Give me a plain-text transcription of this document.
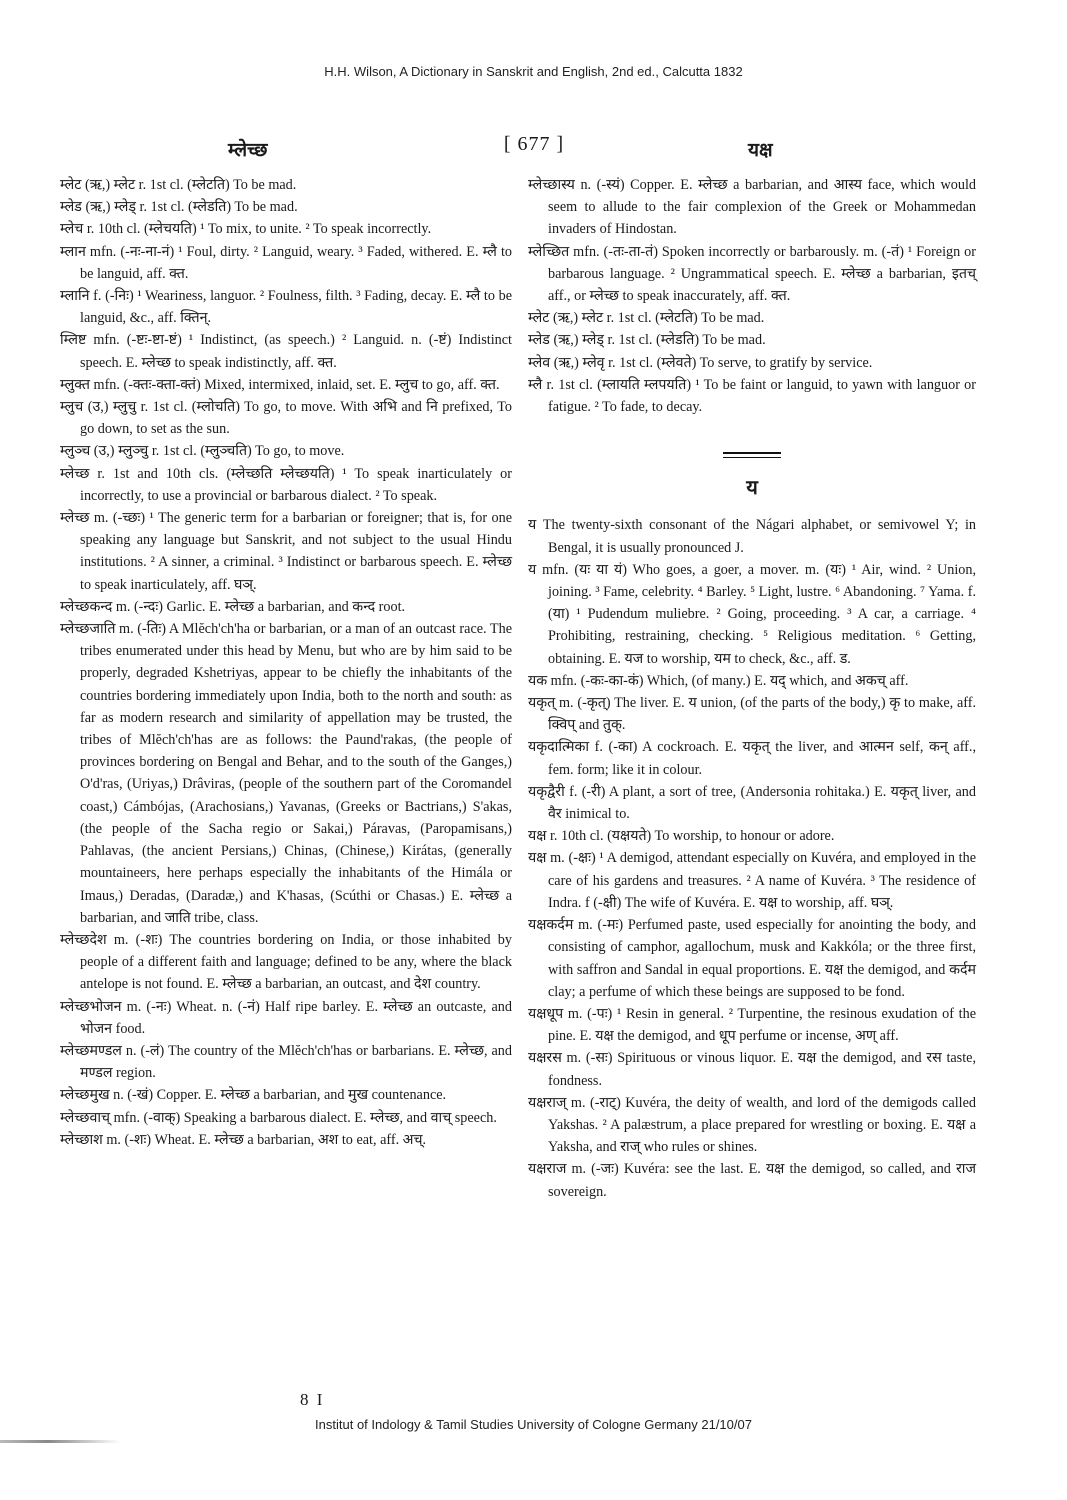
H.H. Wilson, A Dictionary in Sanskrit and English, 2nd ed., Calcutta 1832
म्लेच्छ	[ 677 ]	यक्ष

म्लेट (ऋ,) म्लेट r. 1st cl. (म्लेटति) To be mad.

म्लेड (ऋ,) म्लेड् r. 1st cl. (म्लेडति) To be mad.

म्लेच r. 10th cl. (म्लेचयति) ¹ To mix, to unite. ² To speak incorrectly.

म्लान mfn. (-नः-ना-नं) ¹ Foul, dirty. ² Languid, weary. ³ Faded, withered. E. म्लै to be languid, aff. क्त.

म्लानि f. (-निः) ¹ Weariness, languor. ² Foulness, filth. ³ Fading, decay. E. म्लै to be languid, &c., aff. क्तिन्.

म्लिष्ट mfn. (-ष्टः-ष्टा-ष्टं) ¹ Indistinct, (as speech.) ² Languid. n. (-ष्टं) Indistinct speech. E. म्लेच्छ to speak indistinctly, aff. क्त.

म्लुक्त mfn. (-क्तः-क्ता-क्तं) Mixed, intermixed, inlaid, set. E. म्लुच to go, aff. क्त.

म्लुच (उ,) म्लुचु r. 1st cl. (म्लोचति) To go, to move. With अभि and नि prefixed, To go down, to set as the sun.

म्लुञ्च (उ,) म्लुञ्चु r. 1st cl. (म्लुञ्चति) To go, to move.

म्लेच्छ r. 1st and 10th cls. (म्लेच्छति म्लेच्छयति) ¹ To speak inarticulately or incorrectly, to use a provincial or barbarous dialect. ² To speak.

म्लेच्छ m. (-च्छः) ¹ The generic term for a barbarian or foreigner; that is, for one speaking any language but Sanskrit, and not subject to the usual Hindu institutions. ² A sinner, a criminal. ³ Indistinct or barbarous speech. E. म्लेच्छ to speak inarticulately, aff. घञ्.

म्लेच्छकन्द m. (-न्दः) Garlic. E. म्लेच्छ a barbarian, and कन्द root.

म्लेच्छजाति m. (-तिः) A Mlĕch'ch'ha or barbarian, or a man of an outcast race. The tribes enumerated under this head by Menu, but who are by him said to be properly, degraded Kshetriyas, appear to be chiefly the inhabitants of the countries bordering immediately upon India, both to the north and south: as far as modern research and similarity of appellation may be trusted, the tribes of Mlĕch'ch'has are as follows: the Paund'rakas, (the people of provinces bordering on Bengal and Behar, and to the south of the Ganges,) O'd'ras, (Uriyas,) Drâviras, (people of the southern part of the Coromandel coast,) Cámbójas, (Arachosians,) Yavanas, (Greeks or Bactrians,) S'akas, (the people of the Sacha regio or Sakai,) Páravas, (Paropamisans,) Pahlavas, (the ancient Persians,) Chinas, (Chinese,) Kirátas, (generally mountaineers, here perhaps especially the inhabitants of the Himála or Imaus,) Deradas, (Daradæ,) and K'hasas, (Scúthi or Chasas.) E. म्लेच्छ a barbarian, and जाति tribe, class.

म्लेच्छदेश m. (-शः) The countries bordering on India, or those inhabited by people of a different faith and language; defined to be any, where the black antelope is not found. E. म्लेच्छ a barbarian, an outcast, and देश country.

म्लेच्छभोजन m. (-नः) Wheat. n. (-नं) Half ripe barley. E. म्लेच्छ an outcaste, and भोजन food.

म्लेच्छमण्डल n. (-लं) The country of the Mlĕch'ch'has or barbarians. E. म्लेच्छ, and मण्डल region.

म्लेच्छमुख n. (-खं) Copper. E. म्लेच्छ a barbarian, and मुख countenance.

म्लेच्छवाच् mfn. (-वाक्) Speaking a barbarous dialect. E. म्लेच्छ, and वाच् speech.

म्लेच्छाश m. (-शः) Wheat. E. म्लेच्छ a barbarian, अश to eat, aff. अच्.

म्लेच्छास्य n. (-स्यं) Copper. E. म्लेच्छ a barbarian, and आस्य face, which would seem to allude to the fair complexion of the Greek or Mohammedan invaders of Hindostan.

म्लेच्छित mfn. (-तः-ता-तं) Spoken incorrectly or barbarously. m. (-तं) ¹ Foreign or barbarous language. ² Ungrammatical speech. E. म्लेच्छ a barbarian, इतच् aff., or म्लेच्छ to speak inaccurately, aff. क्त.

म्लेट (ऋ,) म्लेट r. 1st cl. (म्लेटति) To be mad.

म्लेड (ऋ,) म्लेड् r. 1st cl. (म्लेडति) To be mad.

म्लेव (ऋ,) म्लेवृ r. 1st cl. (म्लेवते) To serve, to gratify by service.

म्लै r. 1st cl. (म्लायति म्लपयति) ¹ To be faint or languid, to yawn with languor or fatigue. ² To fade, to decay.

य

य The twenty-sixth consonant of the Nágari alphabet, or semivowel Y; in Bengal, it is usually pronounced J.

य mfn. (यः या यं) Who goes, a goer, a mover. m. (यः) ¹ Air, wind. ² Union, joining. ³ Fame, celebrity. ⁴ Barley. ⁵ Light, lustre. ⁶ Abandoning. ⁷ Yama. f. (या) ¹ Pudendum muliebre. ² Going, proceeding. ³ A car, a carriage. ⁴ Prohibiting, restraining, checking. ⁵ Religious meditation. ⁶ Getting, obtaining. E. यज to worship, यम to check, &c., aff. ड.

यक mfn. (-कः-का-कं) Which, (of many.) E. यद् which, and अकच् aff.

यकृत् m. (-कृत्) The liver. E. य union, (of the parts of the body,) कृ to make, aff. क्विप् and तुक्.

यकृदात्मिका f. (-का) A cockroach. E. यकृत् the liver, and आत्मन self, कन् aff., fem. form; like it in colour.

यकृद्वैरी f. (-री) A plant, a sort of tree, (Andersonia rohitaka.) E. यकृत् liver, and वैर inimical to.

यक्ष r. 10th cl. (यक्षयते) To worship, to honour or adore.

यक्ष m. (-क्षः) ¹ A demigod, attendant especially on Kuvéra, and employed in the care of his gardens and treasures. ² A name of Kuvéra. ³ The residence of Indra. f (-क्षी) The wife of Kuvéra. E. यक्ष to worship, aff. घञ्.

यक्षकर्दम m. (-मः) Perfumed paste, used especially for anointing the body, and consisting of camphor, agallochum, musk and Kakkóla; or the three first, with saffron and Sandal in equal proportions. E. यक्ष the demigod, and कर्दम clay; a perfume of which these beings are supposed to be fond.

यक्षधूप m. (-पः) ¹ Resin in general. ² Turpentine, the resinous exudation of the pine. E. यक्ष the demigod, and धूप perfume or incense, अण् aff.

यक्षरस m. (-सः) Spirituous or vinous liquor. E. यक्ष the demigod, and रस taste, fondness.

यक्षराज् m. (-राट्) Kuvéra, the deity of wealth, and lord of the demigods called Yakshas. ² A palæstrum, a place prepared for wrestling or boxing. E. यक्ष a Yaksha, and राज् who rules or shines.

यक्षराज m. (-जः) Kuvéra: see the last. E. यक्ष the demigod, so called, and राज sovereign.

8 I
Institut of Indology & Tamil Studies University of Cologne Germany 21/10/07
